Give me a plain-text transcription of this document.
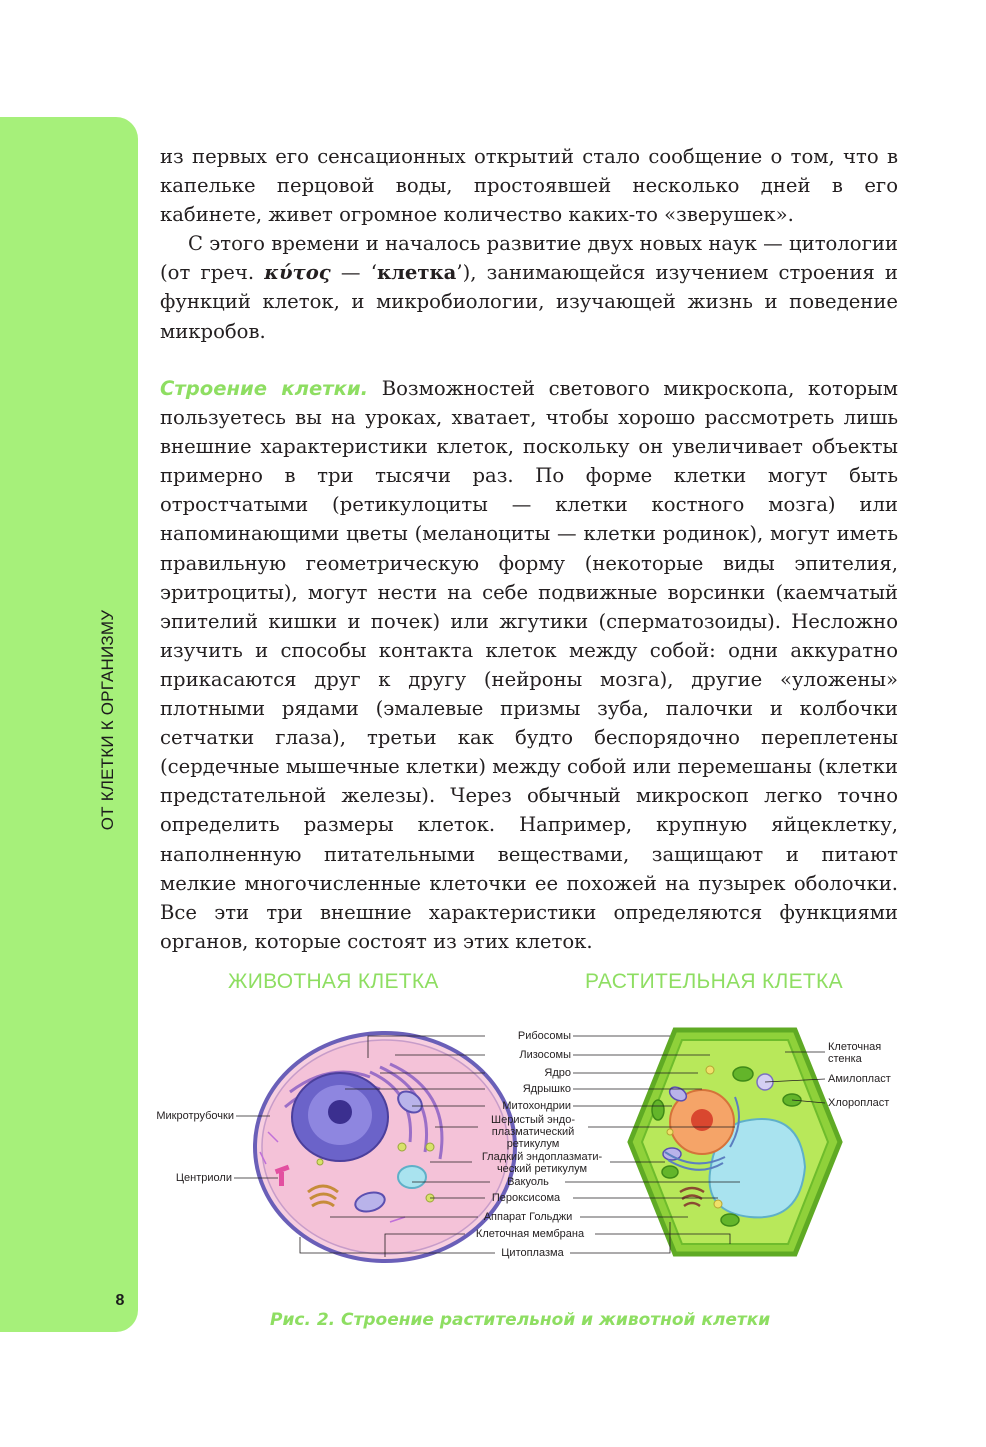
ОТ КЛЕТКИ К ОРГАНИЗМУ
8

из первых его сенсационных открытий стало сообщение о том, что в капельке перцовой воды, простоявшей несколько дней в его кабинете, живет огромное количество каких-то «зверушек».

С этого времени и началось развитие двух новых наук — цитологии (от греч. κύτος — ‘клетка’), занимающейся изучением строения и функций клеток, и микробиологии, изучающей жизнь и поведение микробов.

Строение клетки. Возможностей светового микроскопа, которым пользуетесь вы на уроках, хватает, чтобы хорошо рассмотреть лишь внешние характеристики клеток, поскольку он увеличивает объекты примерно в три тысячи раз. По форме клетки могут быть отростчатыми (ретикулоциты — клетки костного мозга) или напоминающими цветы (меланоциты — клетки родинок), могут иметь правильную геометрическую форму (некоторые виды эпителия, эритроциты), могут нести на себе подвижные ворсинки (каемчатый эпителий кишки и почек) или жгутики (сперматозоиды). Несложно изучить и способы контакта клеток между собой: одни аккуратно прикасаются друг к другу (нейроны мозга), другие «уложены» плотными рядами (эмалевые призмы зуба, палочки и колбочки сетчатки глаза), третьи как будто беспорядочно переплетены (сердечные мышечные клетки) между собой или перемешаны (клетки предстательной железы). Через обычный микроскоп легко точно определить размеры клеток. Например, крупную яйцеклетку, наполненную питательными веществами, защищают и питают мелкие многочисленные клеточки ее похожей на пузырек оболочки. Все эти три внешние характеристики определяются функциями органов, которые состоят из этих клеток.

ЖИВОТНАЯ КЛЕТКА	РАСТИТЕЛЬНАЯ КЛЕТКА
Микротрубочки
Центриоли
Рибосомы
Лизосомы
Ядро
Ядрышко
Митохондрии
Шеристый эндо-
плазматический
ретикулум
Гладкий эндоплазмати-
ческий ретикулум
Вакуоль
Пероксисома
Аппарат Гольджи
Клеточная мембрана
Цитоплазма
Клеточная
стенка
Амилопласт
Хлоропласт
Рис. 2. Строение растительной и животной клетки
